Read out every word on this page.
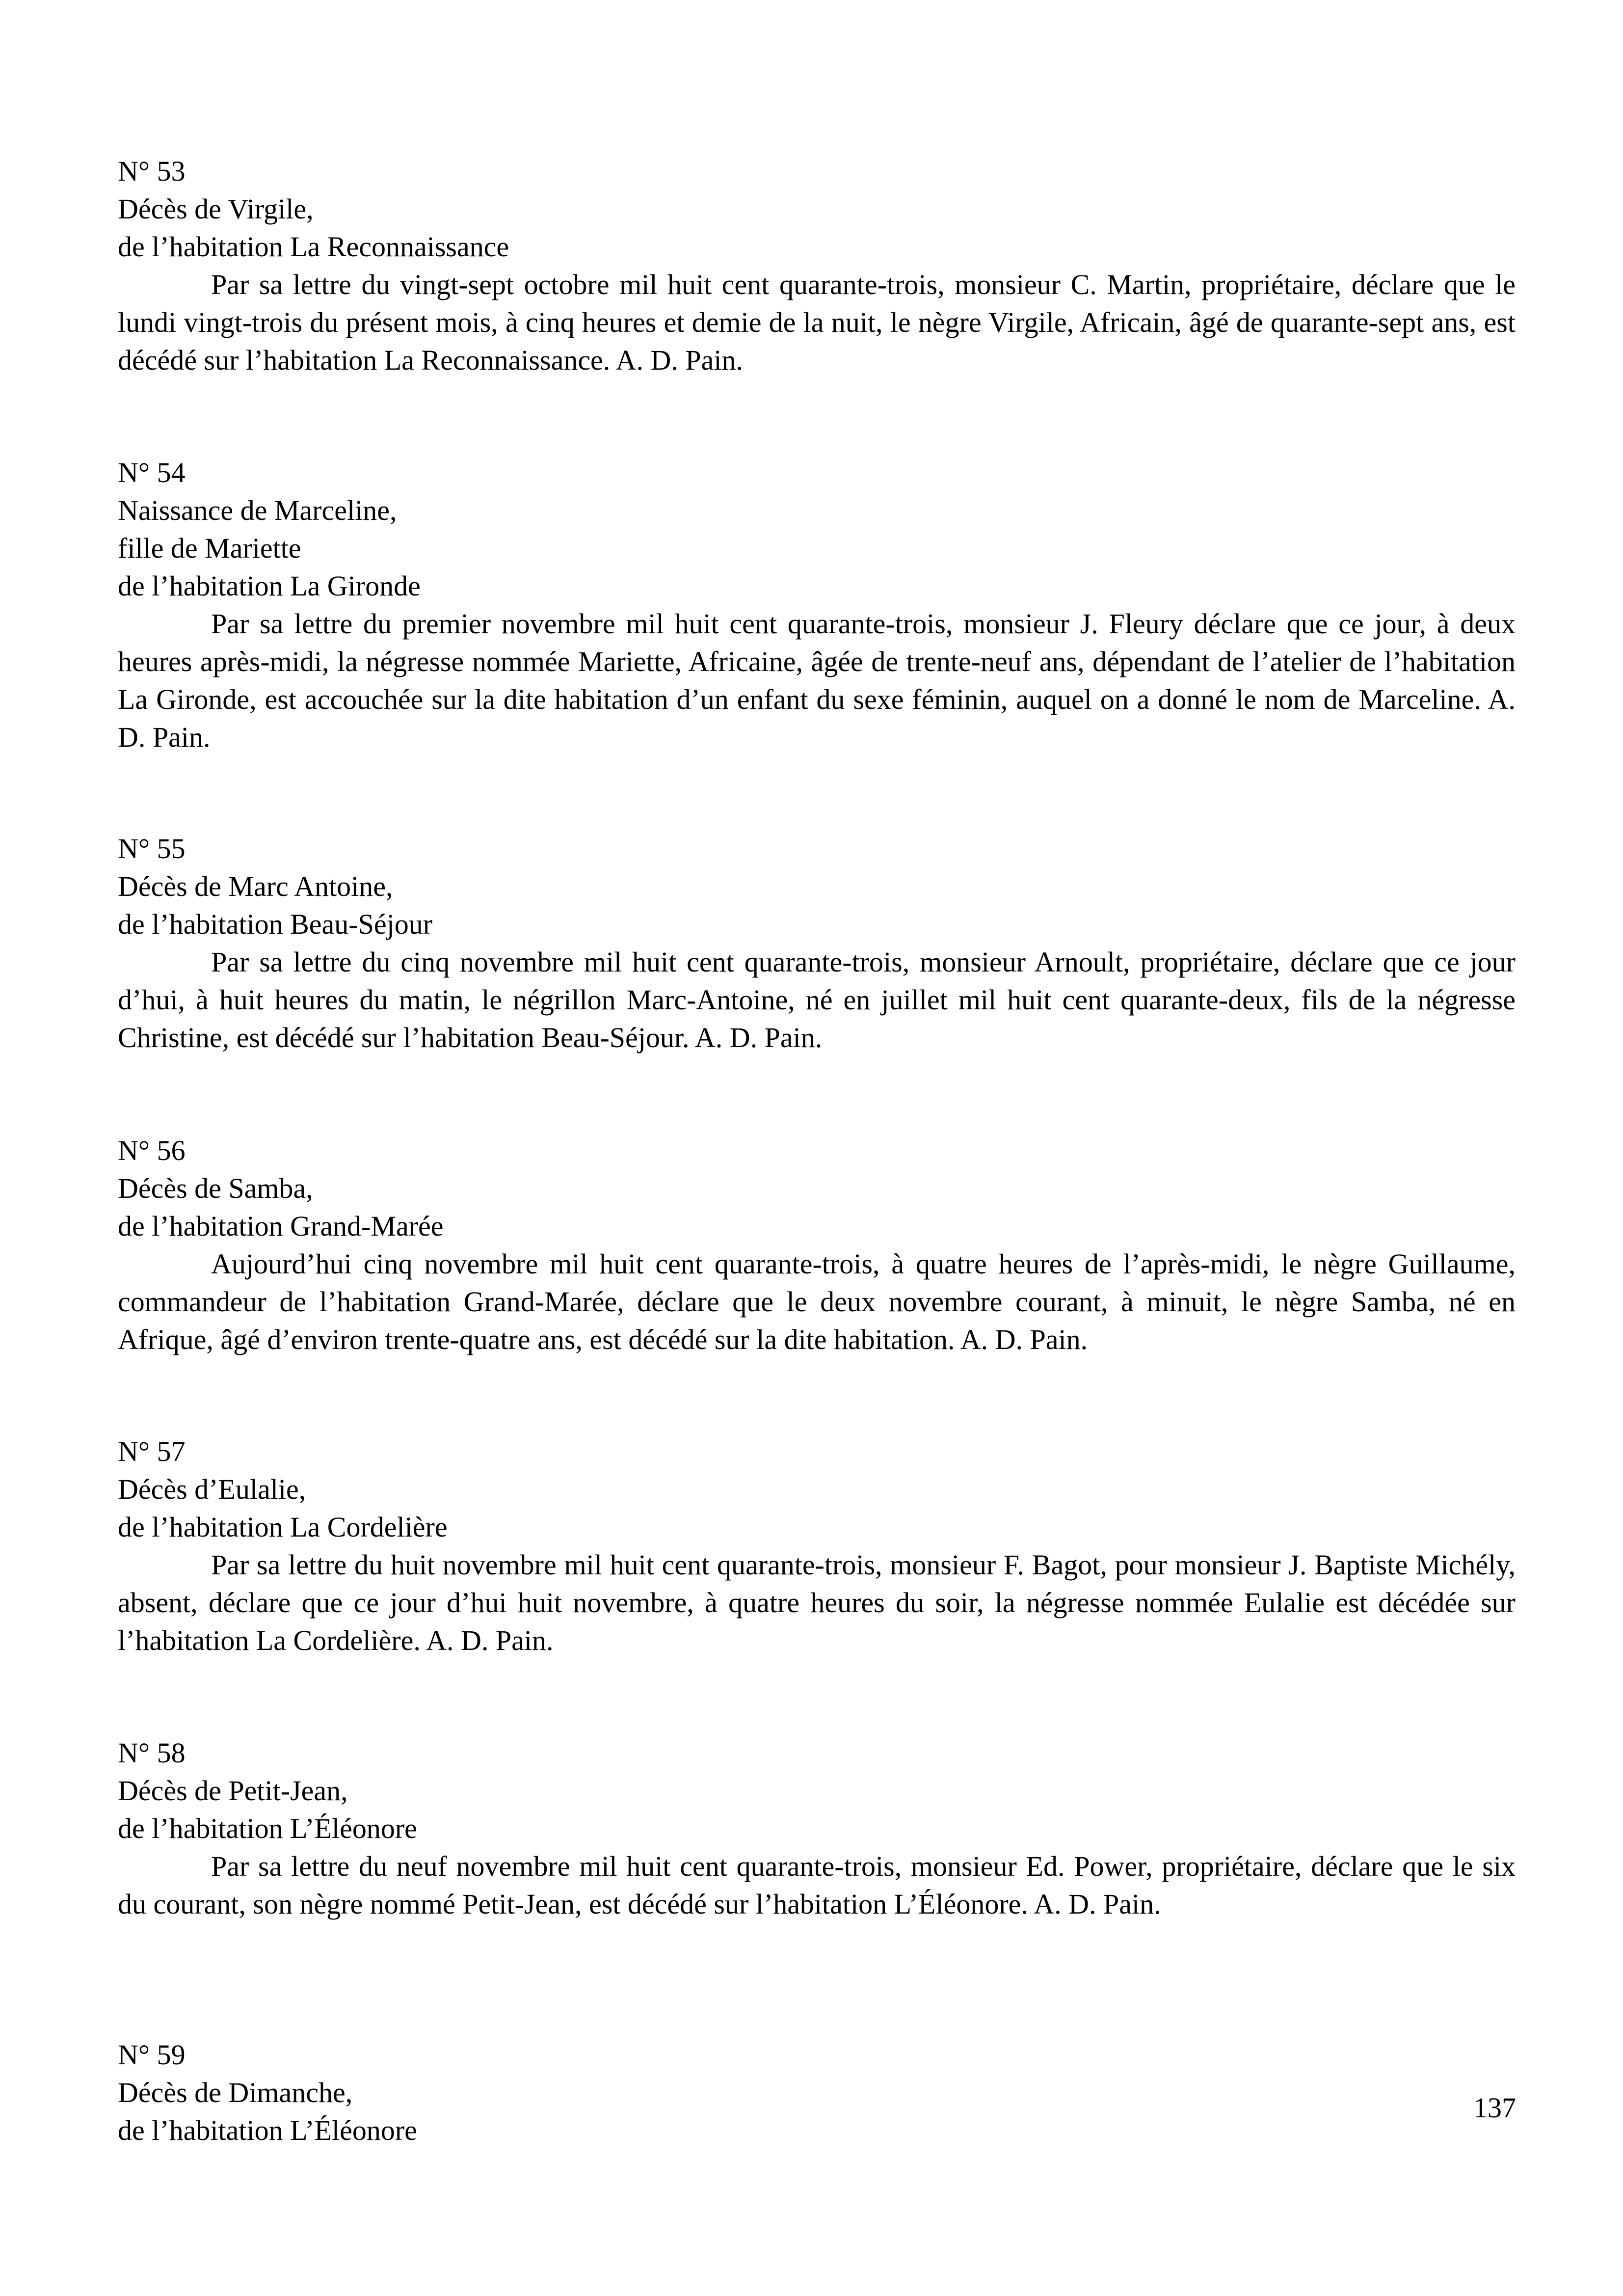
N° 53
Décès de Virgile,
de l’habitation La Reconnaissance

Par sa lettre du vingt-sept octobre mil huit cent quarante-trois, monsieur C. Martin, propriétaire, déclare que le lundi vingt-trois du présent mois, à cinq heures et demie de la nuit, le nègre Virgile, Africain, âgé de quarante-sept ans, est décédé sur l’habitation La Reconnaissance. A. D. Pain.

N° 54
Naissance de Marceline,
fille de Mariette
de l’habitation La Gironde

Par sa lettre du premier novembre mil huit cent quarante-trois, monsieur J. Fleury déclare que ce jour, à deux heures après-midi, la négresse nommée Mariette, Africaine, âgée de trente-neuf ans, dépendant de l’atelier de l’habitation La Gironde, est accouchée sur la dite habitation d’un enfant du sexe féminin, auquel on a donné le nom de Marceline. A. D. Pain.

N° 55
Décès de Marc Antoine,
de l’habitation Beau-Séjour

Par sa lettre du cinq novembre mil huit cent quarante-trois, monsieur Arnoult, propriétaire, déclare que ce jour d’hui, à huit heures du matin, le négrillon Marc-Antoine, né en juillet mil huit cent quarante-deux, fils de la négresse Christine, est décédé sur l’habitation Beau-Séjour. A. D. Pain.

N° 56
Décès de Samba,
de l’habitation Grand-Marée

Aujourd’hui cinq novembre mil huit cent quarante-trois, à quatre heures de l’après-midi, le nègre Guillaume, commandeur de l’habitation Grand-Marée, déclare que le deux novembre courant, à minuit, le nègre Samba, né en Afrique, âgé d’environ trente-quatre ans, est décédé sur la dite habitation. A. D. Pain.

N° 57
Décès d’Eulalie,
de l’habitation La Cordelière

Par sa lettre du huit novembre mil huit cent quarante-trois, monsieur F. Bagot, pour monsieur J. Baptiste Michély, absent, déclare que ce jour d’hui huit novembre, à quatre heures du soir, la négresse nommée Eulalie est décédée sur l’habitation La Cordelière. A. D. Pain.

N° 58
Décès de Petit-Jean,
de l’habitation L’Éléonore

Par sa lettre du neuf novembre mil huit cent quarante-trois, monsieur Ed. Power, propriétaire, déclare que le six du courant, son nègre nommé Petit-Jean, est décédé sur l’habitation L’Éléonore. A. D. Pain.

N° 59
Décès de Dimanche,
de l’habitation L’Éléonore
137
